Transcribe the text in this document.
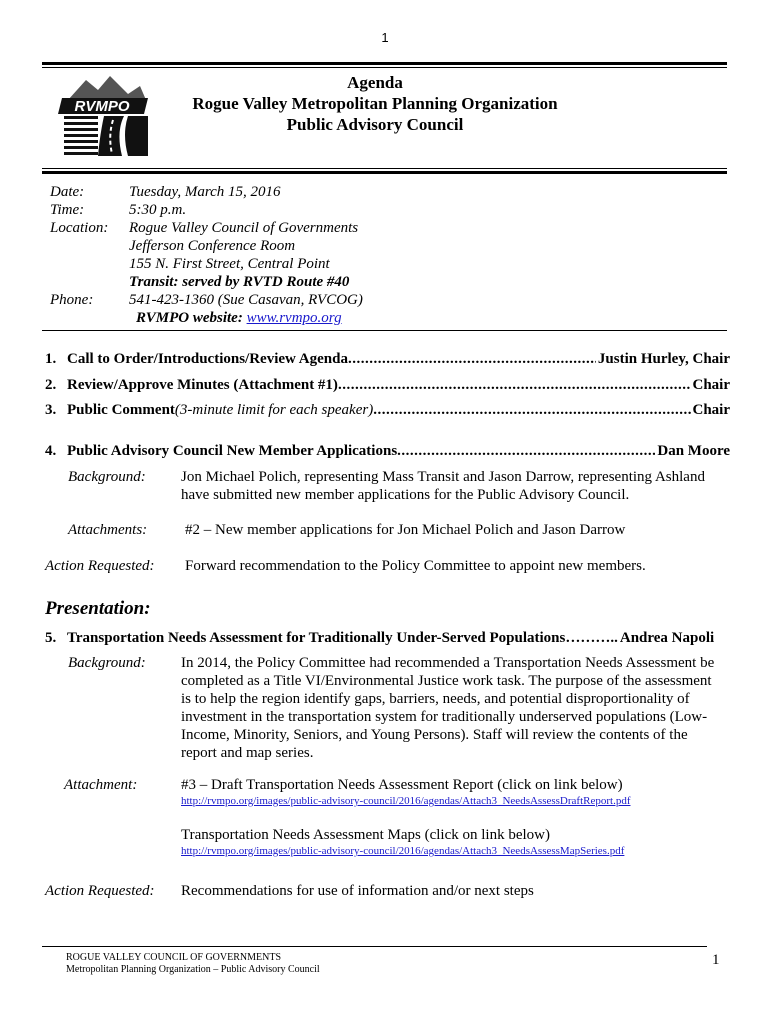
1
RVMPO
Agenda
Rogue Valley Metropolitan Planning Organization
Public Advisory Council
Date:	Tuesday, March 15, 2016
Time:	5:30 p.m.
Location: Rogue Valley Council of Governments
Jefferson Conference Room
155 N. First Street, Central Point
Transit: served by RVTD Route #40
Phone: 541-423-1360 (Sue Casavan, RVCOG)
RVMPO website: www.rvmpo.org
1. Call to Order/Introductions/Review Agenda .....	Justin Hurley, Chair
2. Review/Approve Minutes (Attachment #1) .....	Chair
3. Public Comment (3-minute limit for each speaker) .....	Chair
4. Public Advisory Council New Member Applications .....	Dan Moore
Background: Jon Michael Polich, representing Mass Transit and Jason Darrow, representing Ashland
have submitted new member applications for the Public Advisory Council.
Attachments:	#2 – New member applications for Jon Michael Polich and Jason Darrow
Action Requested: Forward recommendation to the Policy Committee to appoint new members.
Presentation:
5. Transportation Needs Assessment for Traditionally Under-Served Populations……….. Andrea Napoli
Background: In 2014, the Policy Committee had recommended a Transportation Needs Assessment be
completed as a Title VI/Environmental Justice work task. The purpose of the assessment
is to help the region identify gaps, barriers, needs, and potential disproportionality of
investment in the transportation system for traditionally underserved populations (Low-
Income, Minority, Seniors, and Young Persons). Staff will review the contents of the
report and map series.
Attachment:	#3 – Draft Transportation Needs Assessment Report (click on link below)
http://rvmpo.org/images/public-advisory-council/2016/agendas/Attach3_NeedsAssessDraftReport.pdf
Transportation Needs Assessment Maps (click on link below)
http://rvmpo.org/images/public-advisory-council/2016/agendas/Attach3_NeedsAssessMapSeries.pdf
Action Requested: Recommendations for use of information and/or next steps
ROGUE VALLEY COUNCIL OF GOVERNMENTS
Metropolitan Planning Organization – Public Advisory Council
1
